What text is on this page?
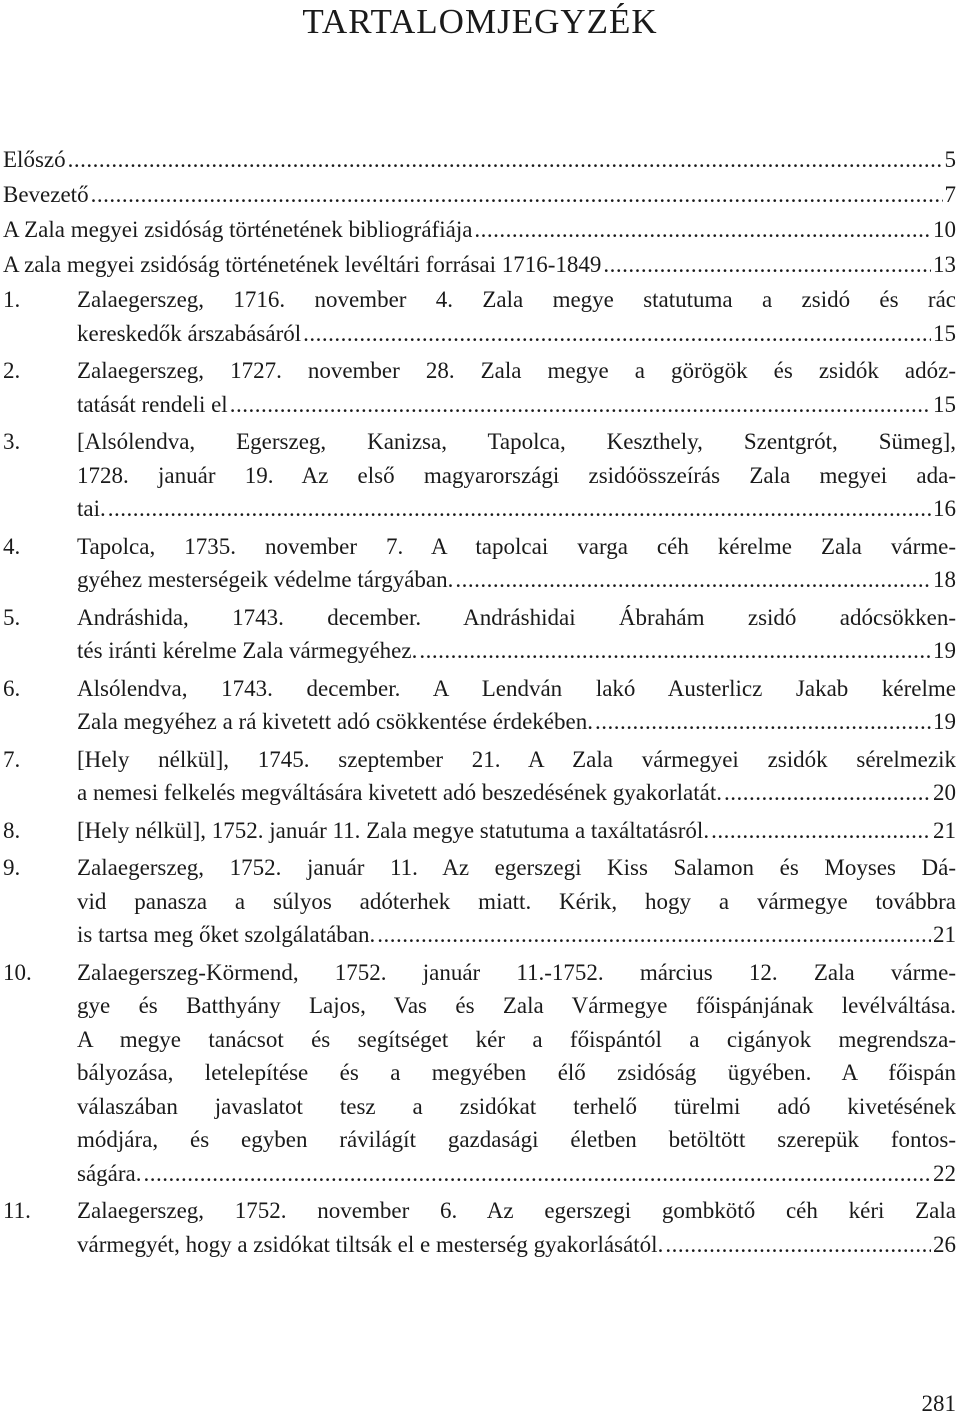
TARTALOMJEGYZÉK
Előszó .....	5
Bevezető .....	7
A Zala megyei zsidóság történetének bibliográfiája .....	10
A zala megyei zsidóság történetének levéltári forrásai 1716-1849 .....	13
1. Zalaegerszeg, 1716. november 4. Zala megye statutuma a zsidó és rác
kereskedők árszabásáról .....	15
2. Zalaegerszeg, 1727. november 28. Zala megye a görögök és zsidók adóz-
tatását rendeli el .....	15
3. [Alsólendva, Egerszeg, Kanizsa, Tapolca, Keszthely, Szentgrót, Sümeg],
1728. január 19. Az első magyarországi zsidóösszeírás Zala megyei ada-
tai. .....	16
4. Tapolca, 1735. november 7. A tapolcai varga céh kérelme Zala várme-
gyéhez mesterségeik védelme tárgyában. .....	18
5. Andráshida, 1743. december. Andráshidai Ábrahám zsidó adócsökken-
tés iránti kérelme Zala vármegyéhez. .....	19
6. Alsólendva, 1743. december. A Lendván lakó Austerlicz Jakab kérelme
Zala megyéhez a rá kivetett adó csökkentése érdekében. .....	19
7. [Hely nélkül], 1745. szeptember 21. A Zala vármegyei zsidók sérelmezik
a nemesi felkelés megváltására kivetett adó beszedésének gyakorlatát. .....	20
8. [Hely nélkül], 1752. január 11. Zala megye statutuma a taxáltatásról. .....	21
9. Zalaegerszeg, 1752. január 11. Az egerszegi Kiss Salamon és Moyses Dá-
vid panasza a súlyos adóterhek miatt. Kérik, hogy a vármegye továbbra
is tartsa meg őket szolgálatában. .....	21
10. Zalaegerszeg-Körmend, 1752. január 11.-1752. március 12. Zala várme-
gye és Batthyány Lajos, Vas és Zala Vármegye főispánjának levélváltása.
A megye tanácsot és segítséget kér a főispántól a cigányok megrendsza-
bályozása, letelepítése és a megyében élő zsidóság ügyében. A főispán
válaszában javaslatot tesz a zsidókat terhelő türelmi adó kivetésének
módjára, és egyben rávilágít gazdasági életben betöltött szerepük fontos-
ságára. .....	22
11. Zalaegerszeg, 1752. november 6. Az egerszegi gombkötő céh kéri Zala
vármegyét, hogy a zsidókat tiltsák el e mesterség gyakorlásától. .....	26

281
